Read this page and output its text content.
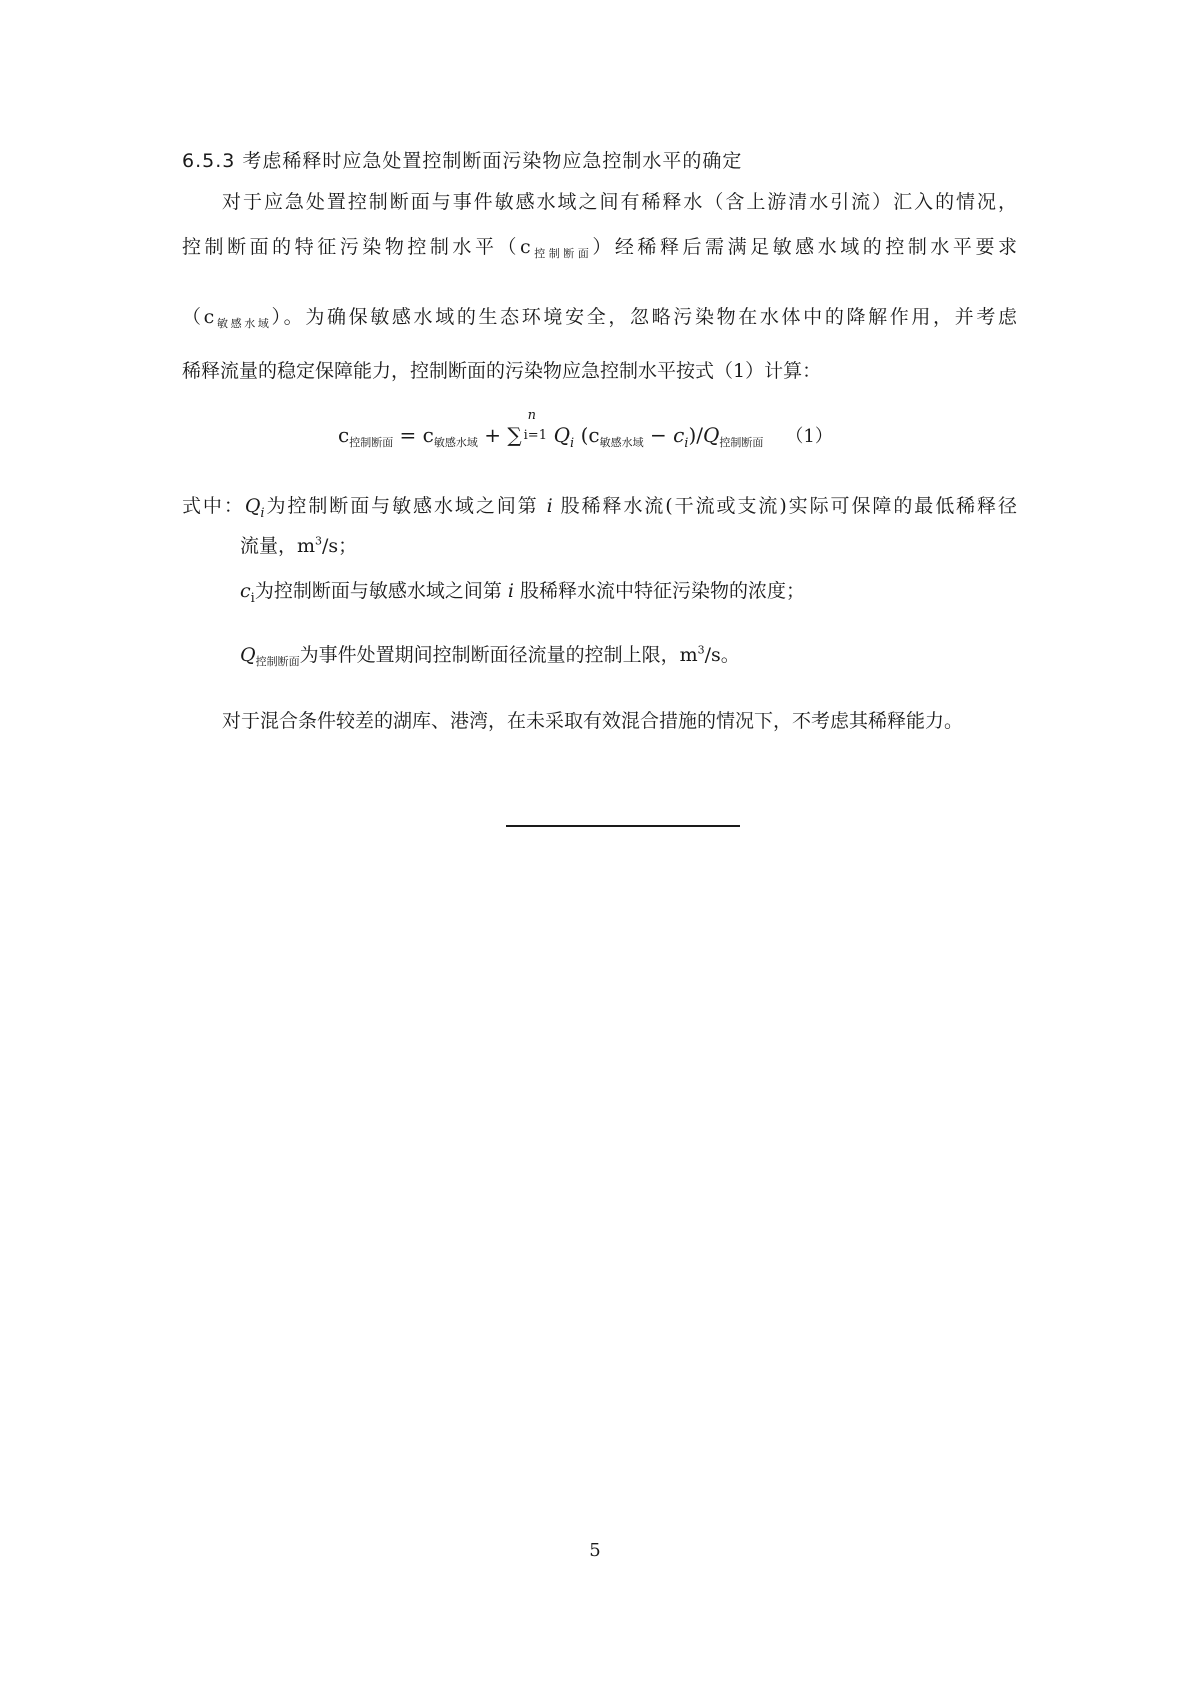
6.5.3 考虑稀释时应急处置控制断面污染物应急控制水平的确定
对于应急处置控制断面与事件敏感水域之间有稀释水（含上游清水引流）汇入的情况，
控制断面的特征污染物控制水平$(c_{控制断面})$经稀释后需满足敏感水域的控制水平要求
$(c_{敏感水域})$。为确保敏感水域的生态环境安全，忽略污染物在水体中的降解作用，并考虑
稀释流量的稳定保障能力，控制断面的污染物应急控制水平按式（1）计算：
$c_{控制断面} = c_{敏感水域}$ + ∑
n
i=1 $Q_i$ $(c_{敏感水域} - c_i)/Q_{控制断面}$ （1）
式中：$Q_i$为控制断面与敏感水域之间第 i 股稀释水流(干流或支流)实际可保障的最低稀释径
流量，$m^3/s$；
$c_i$为控制断面与敏感水域之间第 i 股稀释水流中特征污染物的浓度；
$Q_{控制断面}$为事件处置期间控制断面径流量的控制上限，$m^3/s$。
对于混合条件较差的湖库、港湾，在未采取有效混合措施的情况下，不考虑其稀释能力。
5
